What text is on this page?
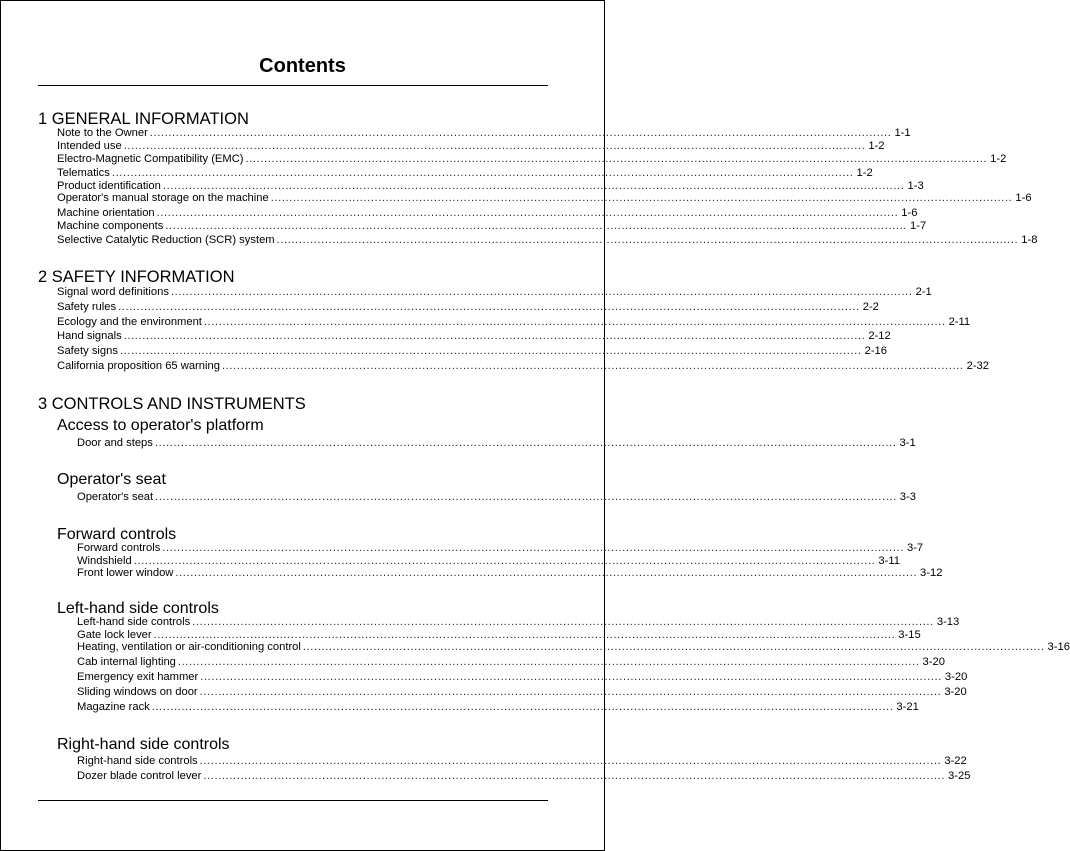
Contents
1 GENERAL INFORMATION
Note to the Owner ........................................................................................................................................................................................................ 1-1
Intended use ........................................................................................................................................................................................................ 1-2
Electro-Magnetic Compatibility (EMC) ........................................................................................................................................................................................................ 1-2
Telematics ........................................................................................................................................................................................................ 1-2
Product identification ........................................................................................................................................................................................................ 1-3
Operator's manual storage on the machine ........................................................................................................................................................................................................ 1-6
Machine orientation ........................................................................................................................................................................................................ 1-6
Machine components ........................................................................................................................................................................................................ 1-7
Selective Catalytic Reduction (SCR) system ........................................................................................................................................................................................................ 1-8
2 SAFETY INFORMATION
Signal word definitions ........................................................................................................................................................................................................ 2-1
Safety rules ........................................................................................................................................................................................................ 2-2
Ecology and the environment ........................................................................................................................................................................................................ 2-11
Hand signals ........................................................................................................................................................................................................ 2-12
Safety signs ........................................................................................................................................................................................................ 2-16
California proposition 65 warning ........................................................................................................................................................................................................ 2-32
3 CONTROLS AND INSTRUMENTS
Access to operator's platform
Door and steps ........................................................................................................................................................................................................ 3-1
Operator's seat
Operator's seat ........................................................................................................................................................................................................ 3-3
Forward controls
Forward controls ........................................................................................................................................................................................................ 3-7
Windshield ........................................................................................................................................................................................................ 3-11
Front lower window ........................................................................................................................................................................................................ 3-12
Left-hand side controls
Left-hand side controls ........................................................................................................................................................................................................ 3-13
Gate lock lever ........................................................................................................................................................................................................ 3-15
Heating, ventilation or air-conditioning control ........................................................................................................................................................................................................ 3-16
Cab internal lighting ........................................................................................................................................................................................................ 3-20
Emergency exit hammer ........................................................................................................................................................................................................ 3-20
Sliding windows on door ........................................................................................................................................................................................................ 3-20
Magazine rack ........................................................................................................................................................................................................ 3-21
Right-hand side controls
Right-hand side controls ........................................................................................................................................................................................................ 3-22
Dozer blade control lever ........................................................................................................................................................................................................ 3-25
